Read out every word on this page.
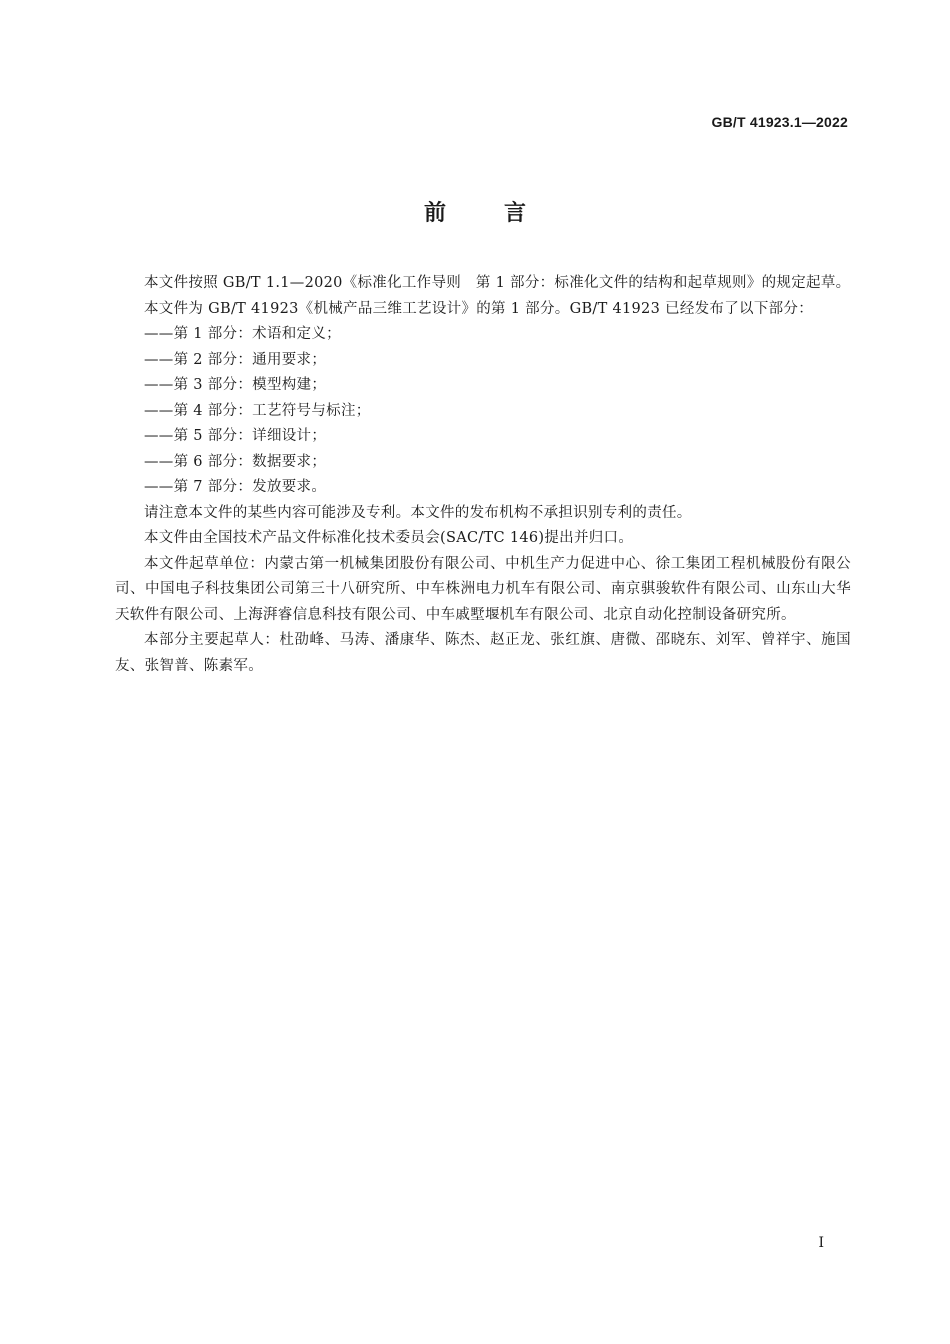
GB/T 41923.1—2022
前言

本文件按照 GB/T 1.1—2020《标准化工作导则　第 1 部分：标准化文件的结构和起草规则》的规定起草。

本文件为 GB/T 41923《机械产品三维工艺设计》的第 1 部分。GB/T 41923 已经发布了以下部分：

——第 1 部分：术语和定义；
——第 2 部分：通用要求；
——第 3 部分：模型构建；
——第 4 部分：工艺符号与标注；
——第 5 部分：详细设计；
——第 6 部分：数据要求；
——第 7 部分：发放要求。

请注意本文件的某些内容可能涉及专利。本文件的发布机构不承担识别专利的责任。

本文件由全国技术产品文件标准化技术委员会(SAC/TC 146)提出并归口。

本文件起草单位：内蒙古第一机械集团股份有限公司、中机生产力促进中心、徐工集团工程机械股份有限公司、中国电子科技集团公司第三十八研究所、中车株洲电力机车有限公司、南京骐骏软件有限公司、山东山大华天软件有限公司、上海湃睿信息科技有限公司、中车戚墅堰机车有限公司、北京自动化控制设备研究所。

本部分主要起草人：杜劭峰、马涛、潘康华、陈杰、赵正龙、张红旗、唐微、邵晓东、刘军、曾祥宇、施国友、张智普、陈素军。

I
